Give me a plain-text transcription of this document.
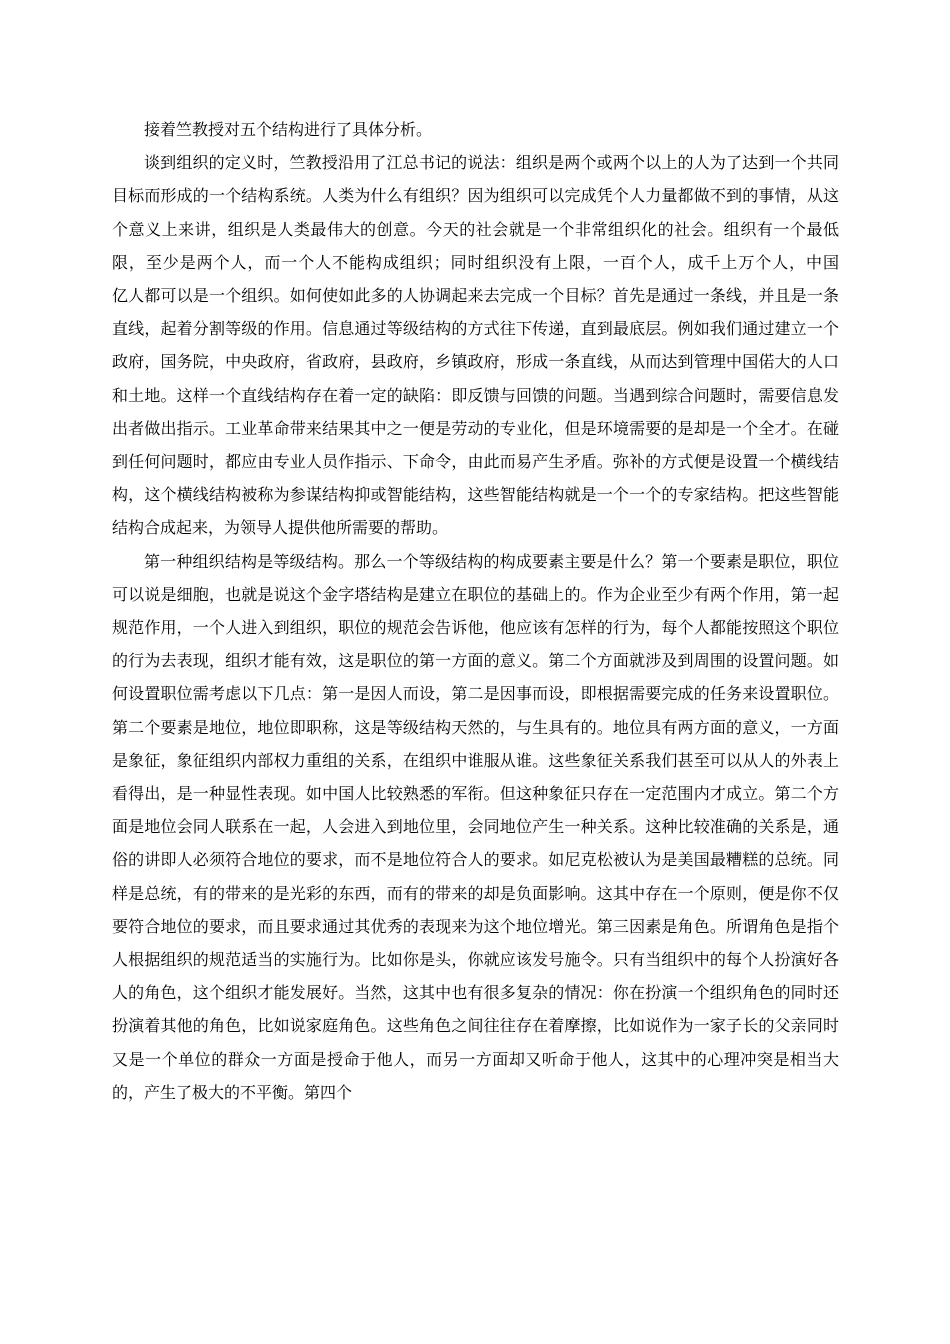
接着竺教授对五个结构进行了具体分析。

谈到组织的定义时，竺教授沿用了江总书记的说法：组织是两个或两个以上的人为了达到一个共同目标而形成的一个结构系统。人类为什么有组织？因为组织可以完成凭个人力量都做不到的事情，从这个意义上来讲，组织是人类最伟大的创意。今天的社会就是一个非常组织化的社会。组织有一个最低限，至少是两个人，而一个人不能构成组织；同时组织没有上限，一百个人，成千上万个人，中国　　亿人都可以是一个组织。如何使如此多的人协调起来去完成一个目标？首先是通过一条线，并且是一条直线，起着分割等级的作用。信息通过等级结构的方式往下传递，直到最底层。例如我们通过建立一个政府，国务院，中央政府，省政府，县政府，乡镇政府，形成一条直线，从而达到管理中国偌大的人口和土地。这样一个直线结构存在着一定的缺陷：即反馈与回馈的问题。当遇到综合问题时，需要信息发出者做出指示。工业革命带来结果其中之一便是劳动的专业化，但是环境需要的是却是一个全才。在碰到任何问题时，都应由专业人员作指示、下命令，由此而易产生矛盾。弥补的方式便是设置一个横线结构，这个横线结构被称为参谋结构抑或智能结构，这些智能结构就是一个一个的专家结构。把这些智能结构合成起来，为领导人提供他所需要的帮助。

第一种组织结构是等级结构。那么一个等级结构的构成要素主要是什么？第一个要素是职位，职位可以说是细胞，也就是说这个金字塔结构是建立在职位的基础上的。作为企业至少有两个作用，第一起规范作用，一个人进入到组织，职位的规范会告诉他，他应该有怎样的行为，每个人都能按照这个职位的行为去表现，组织才能有效，这是职位的第一方面的意义。第二个方面就涉及到周围的设置问题。如何设置职位需考虑以下几点：第一是因人而设，第二是因事而设，即根据需要完成的任务来设置职位。第二个要素是地位，地位即职称，这是等级结构天然的，与生具有的。地位具有两方面的意义，一方面是象征，象征组织内部权力重组的关系，在组织中谁服从谁。这些象征关系我们甚至可以从人的外表上看得出，是一种显性表现。如中国人比较熟悉的军衔。但这种象征只存在一定范围内才成立。第二个方面是地位会同人联系在一起，人会进入到地位里，会同地位产生一种关系。这种比较准确的关系是，通俗的讲即人必须符合地位的要求，而不是地位符合人的要求。如尼克松被认为是美国最糟糕的总统。同样是总统，有的带来的是光彩的东西，而有的带来的却是负面影响。这其中存在一个原则，便是你不仅要符合地位的要求，而且要求通过其优秀的表现来为这个地位增光。第三因素是角色。所谓角色是指个人根据组织的规范适当的实施行为。比如你是头，你就应该发号施令。只有当组织中的每个人扮演好各人的角色，这个组织才能发展好。当然，这其中也有很多复杂的情况：你在扮演一个组织角色的同时还扮演着其他的角色，比如说家庭角色。这些角色之间往往存在着摩擦，比如说作为一家子长的父亲同时又是一个单位的群众一方面是授命于他人，而另一方面却又听命于他人，这其中的心理冲突是相当大的，产生了极大的不平衡。第四个
